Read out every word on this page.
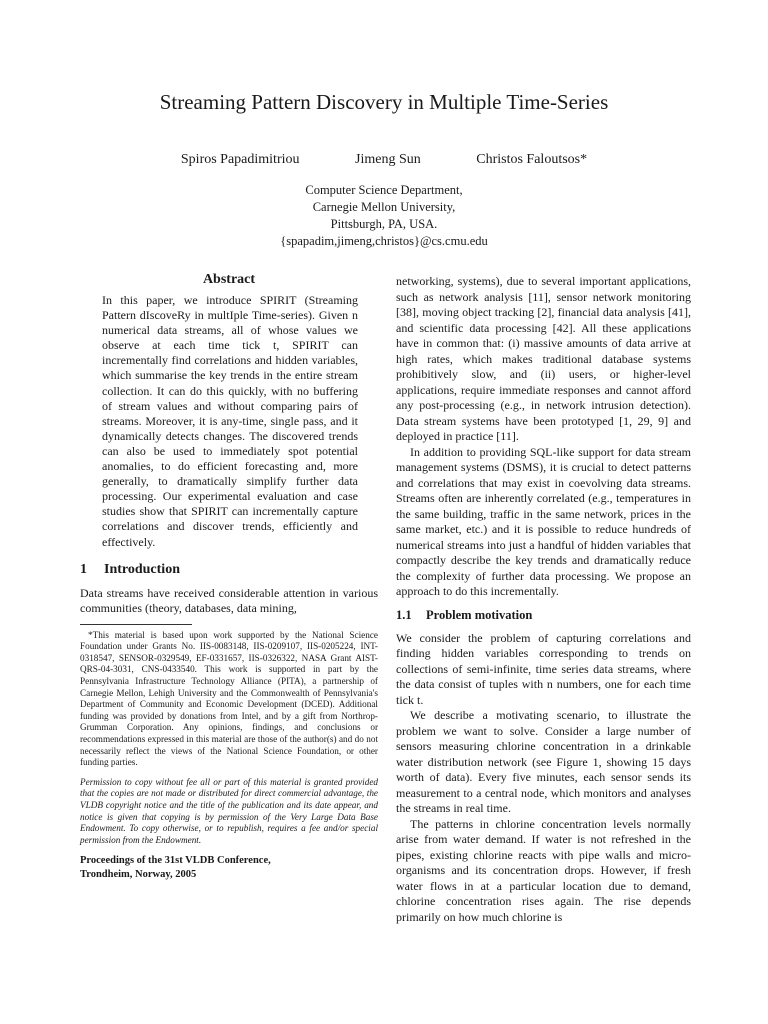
Streaming Pattern Discovery in Multiple Time-Series
Spiros Papadimitriou	Jimeng Sun	Christos Faloutsos*
Computer Science Department,
Carnegie Mellon University,
Pittsburgh, PA, USA.
{spapadim,jimeng,christos}@cs.cmu.edu
Abstract

In this paper, we introduce SPIRIT (Streaming Pattern dIscoveRy in multIple Time-series). Given n numerical data streams, all of whose values we observe at each time tick t, SPIRIT can incrementally find correlations and hidden variables, which summarise the key trends in the entire stream collection. It can do this quickly, with no buffering of stream values and without comparing pairs of streams. Moreover, it is any-time, single pass, and it dynamically detects changes. The discovered trends can also be used to immediately spot potential anomalies, to do efficient forecasting and, more generally, to dramatically simplify further data processing. Our experimental evaluation and case studies show that SPIRIT can incrementally capture correlations and discover trends, efficiently and effectively.

1 Introduction

Data streams have received considerable attention in various communities (theory, databases, data mining,

*This material is based upon work supported by the National Science Foundation under Grants No. IIS-0083148, IIS-0209107, IIS-0205224, INT-0318547, SENSOR-0329549, EF-0331657, IIS-0326322, NASA Grant AIST-QRS-04-3031, CNS-0433540. This work is supported in part by the Pennsylvania Infrastructure Technology Alliance (PITA), a partnership of Carnegie Mellon, Lehigh University and the Commonwealth of Pennsylvania's Department of Community and Economic Development (DCED). Additional funding was provided by donations from Intel, and by a gift from Northrop-Grumman Corporation. Any opinions, findings, and conclusions or recommendations expressed in this material are those of the author(s) and do not necessarily reflect the views of the National Science Foundation, or other funding parties.

Permission to copy without fee all or part of this material is granted provided that the copies are not made or distributed for direct commercial advantage, the VLDB copyright notice and the title of the publication and its date appear, and notice is given that copying is by permission of the Very Large Data Base Endowment. To copy otherwise, or to republish, requires a fee and/or special permission from the Endowment.

Proceedings of the 31st VLDB Conference,
Trondheim, Norway, 2005

networking, systems), due to several important applications, such as network analysis [11], sensor network monitoring [38], moving object tracking [2], financial data analysis [41], and scientific data processing [42]. All these applications have in common that: (i) massive amounts of data arrive at high rates, which makes traditional database systems prohibitively slow, and (ii) users, or higher-level applications, require immediate responses and cannot afford any post-processing (e.g., in network intrusion detection). Data stream systems have been prototyped [1, 29, 9] and deployed in practice [11].

In addition to providing SQL-like support for data stream management systems (DSMS), it is crucial to detect patterns and correlations that may exist in coevolving data streams. Streams often are inherently correlated (e.g., temperatures in the same building, traffic in the same network, prices in the same market, etc.) and it is possible to reduce hundreds of numerical streams into just a handful of hidden variables that compactly describe the key trends and dramatically reduce the complexity of further data processing. We propose an approach to do this incrementally.

1.1 Problem motivation

We consider the problem of capturing correlations and finding hidden variables corresponding to trends on collections of semi-infinite, time series data streams, where the data consist of tuples with n numbers, one for each time tick t.

We describe a motivating scenario, to illustrate the problem we want to solve. Consider a large number of sensors measuring chlorine concentration in a drinkable water distribution network (see Figure 1, showing 15 days worth of data). Every five minutes, each sensor sends its measurement to a central node, which monitors and analyses the streams in real time.

The patterns in chlorine concentration levels normally arise from water demand. If water is not refreshed in the pipes, existing chlorine reacts with pipe walls and micro-organisms and its concentration drops. However, if fresh water flows in at a particular location due to demand, chlorine concentration rises again. The rise depends primarily on how much chlorine is
